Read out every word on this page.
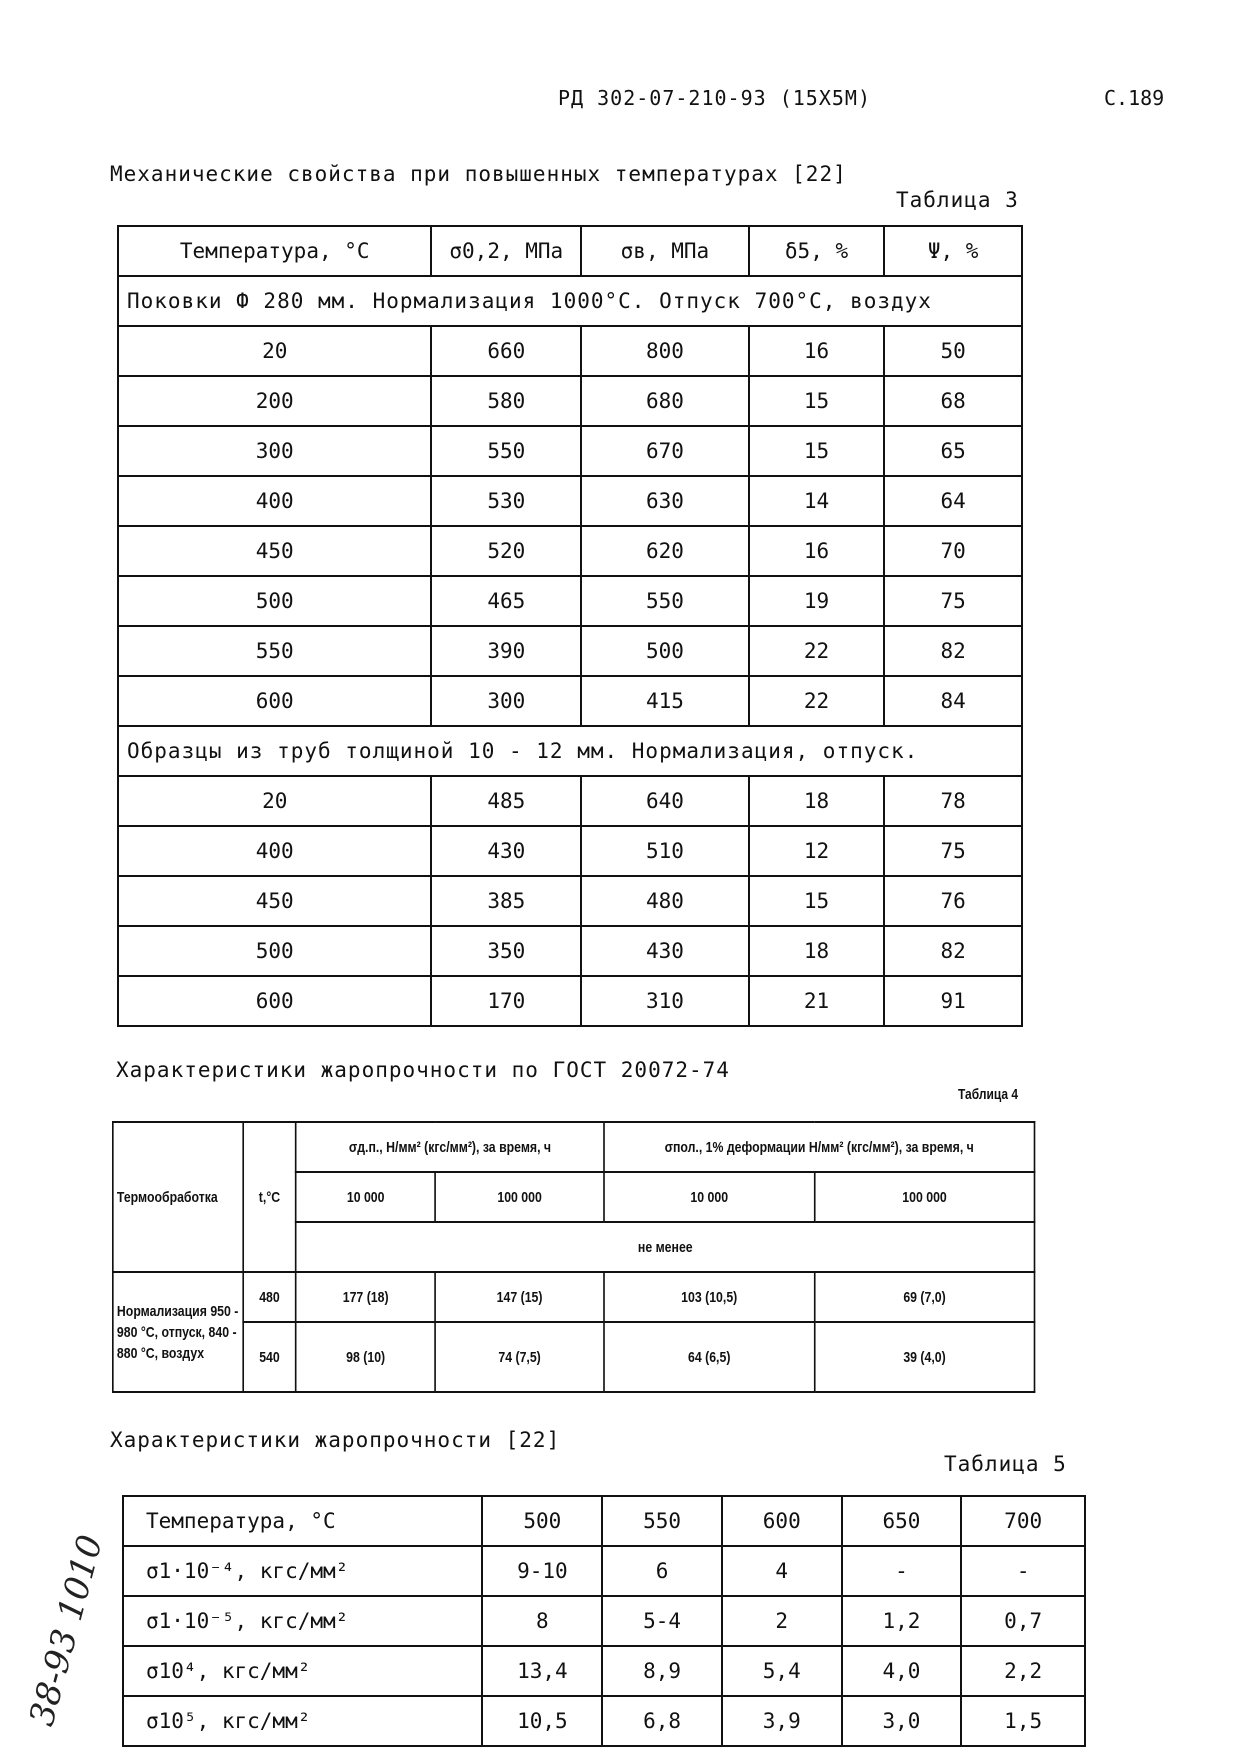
РД 302-07-210-93 (15Х5М)	С.189
Механические свойства при повышенных температурах [22]
Таблица 3
Температура, °С	σ0,2, МПа	σв, МПа	δ5, %	Ψ, %
Поковки Ф 280 мм. Нормализация 1000°С. Отпуск 700°С, воздух				
20	660	800	16	50
200	580	680	15	68
300	550	670	15	65
400	530	630	14	64
450	520	620	16	70
500	465	550	19	75
550	390	500	22	82
600	300	415	22	84
Образцы из труб толщиной 10 - 12 мм. Нормализация, отпуск.				
20	485	640	18	78
400	430	510	12	75
450	385	480	15	76
500	350	430	18	82
600	170	310	21	91
Характеристики жаропрочности по ГОСТ 20072-74
Таблица 4
Термообработка	t,°С	σд.п., Н/мм² (кгс/мм²), за время, ч		σпол., 1% деформации Н/мм² (кгс/мм²), за время, ч	
		10 000	100 000	10 000	100 000
		не менее			
Нормализация 950 - 980 °С, отпуск, 840 - 880 °С, воздух	480	177 (18)	147 (15)	103 (10,5)	69 (7,0)
	540	98 (10)	74 (7,5)	64 (6,5)	39 (4,0)
Характеристики жаропрочности [22]
Таблица 5
Температура, °С	500	550	600	650	700
σ1·10⁻⁴, кгс/мм²	9-10	6	4	-	-
σ1·10⁻⁵, кгс/мм²	8	5-4	2	1,2	0,7
σ10⁴, кгс/мм²	13,4	8,9	5,4	4,0	2,2
σ10⁵, кгс/мм²	10,5	6,8	3,9	3,0	1,5
38-93 1010
